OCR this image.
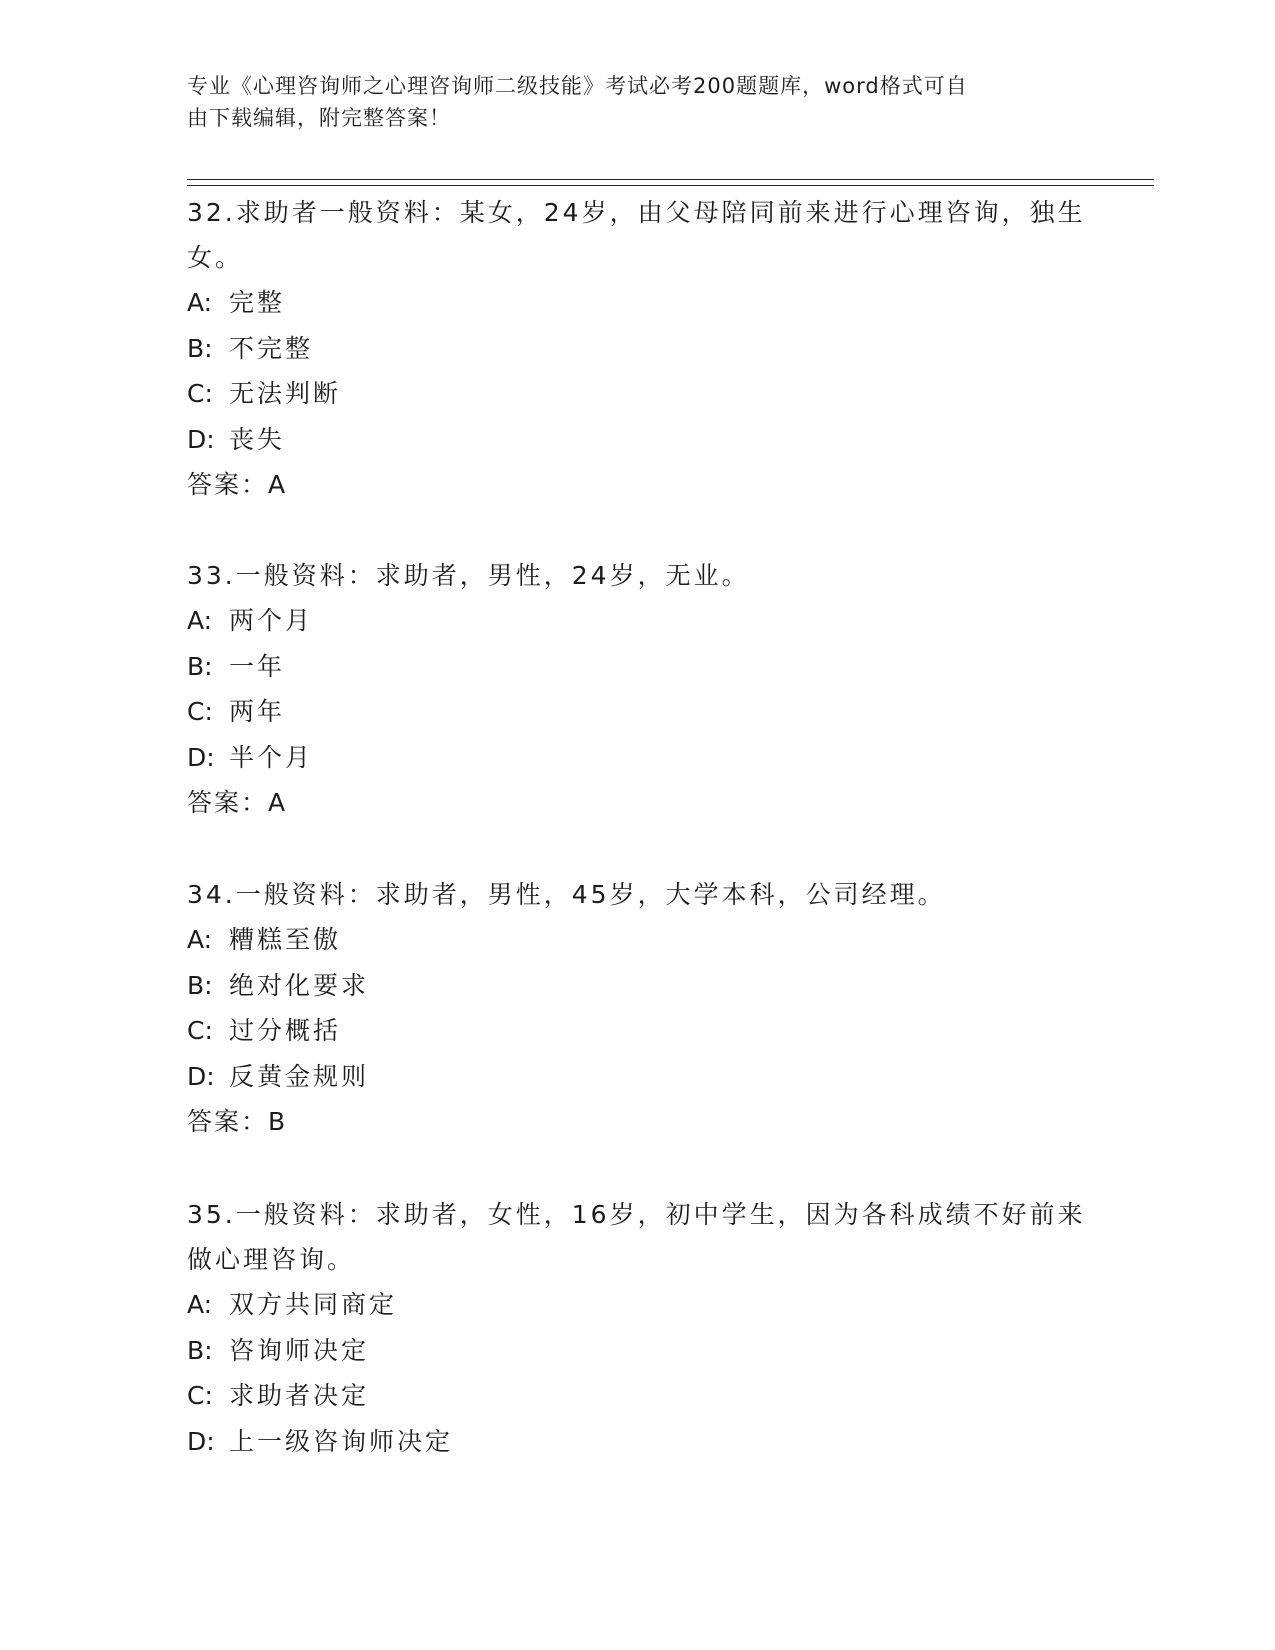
专业《心理咨询师之心理咨询师二级技能》考试必考200题题库，word格式可自
由下载编辑，附完整答案！

32.求助者一般资料：某女，24岁，由父母陪同前来进行心理咨询，独生女。

A: 完整

B: 不完整

C: 无法判断

D: 丧失

答案：A

33.一般资料：求助者，男性，24岁，无业。

A: 两个月

B: 一年

C: 两年

D: 半个月

答案：A

34.一般资料：求助者，男性，45岁，大学本科，公司经理。

A: 糟糕至傲

B: 绝对化要求

C: 过分概括

D: 反黄金规则

答案：B

35.一般资料：求助者，女性，16岁，初中学生，因为各科成绩不好前来做心理咨询。

A: 双方共同商定

B: 咨询师决定

C: 求助者决定

D: 上一级咨询师决定
